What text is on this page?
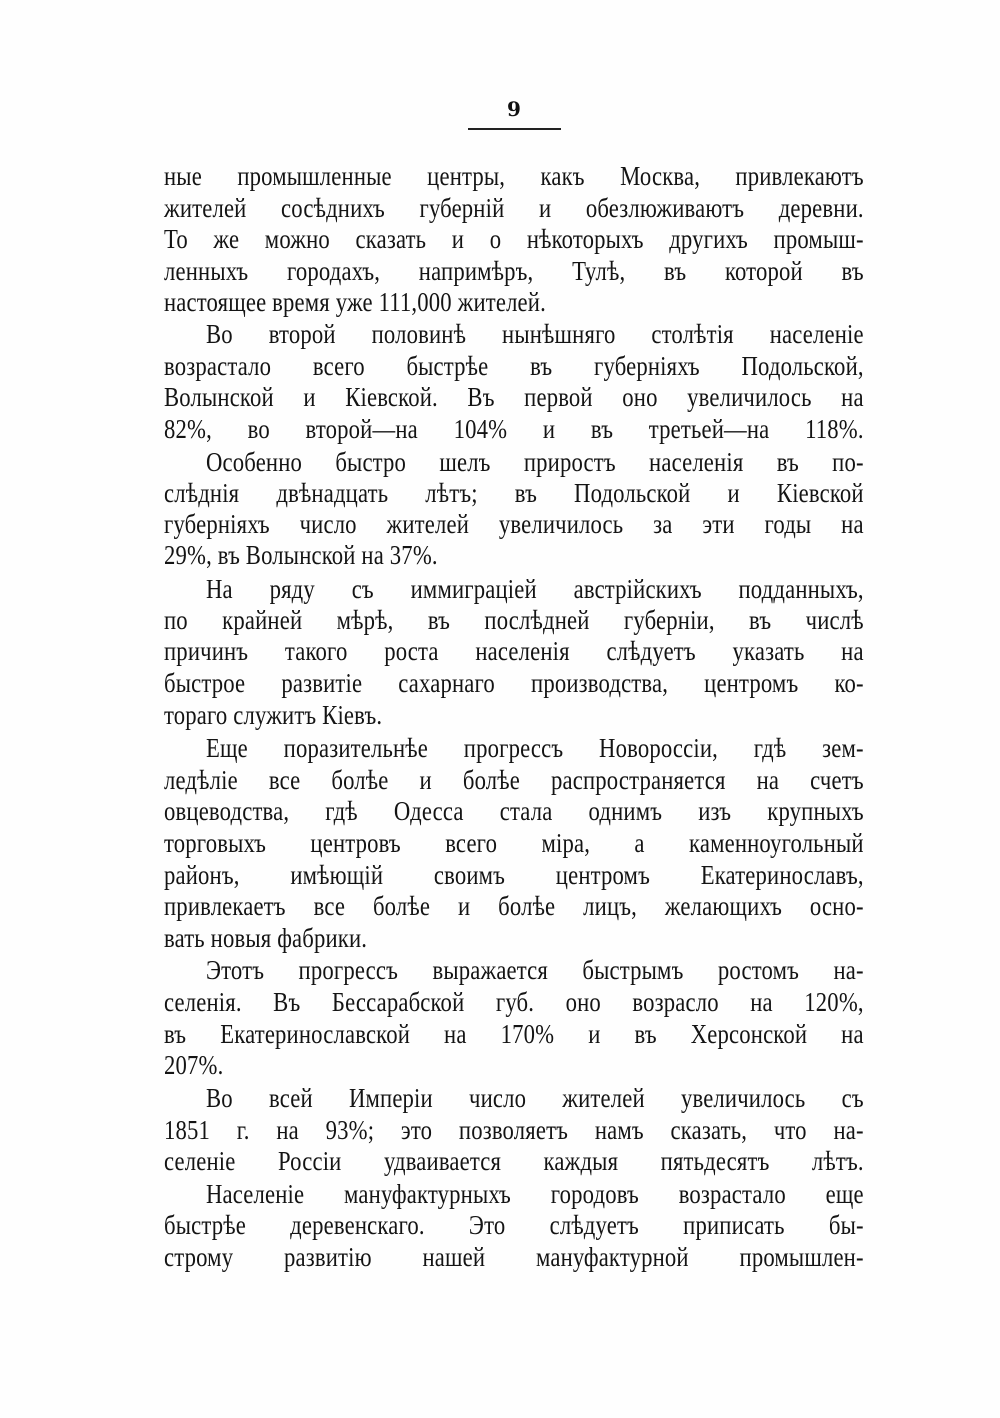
9
ные промышленные центры, какъ Москва, привлекаютъ
жителей сосѣднихъ губерній и обезлюживаютъ деревни.
То же можно сказать и о нѣкоторыхъ другихъ промыш-
ленныхъ городахъ, напримѣръ, Тулѣ, въ которой въ
настоящее время уже 111,000 жителей.
Во второй половинѣ нынѣшняго столѣтія населеніе
возрастало всего быстрѣе въ губерніяхъ Подольской,
Волынской и Кіевской. Въ первой оно увеличилось на
82%, во второй—на 104% и въ третьей—на 118%.
Особенно быстро шелъ приростъ населенія въ по-
слѣднія двѣнадцать лѣтъ; въ Подольской и Кіевской
губерніяхъ число жителей увеличилось за эти годы на
29%, въ Волынской на 37%.
На ряду съ иммиграціей австрійскихъ подданныхъ,
по крайней мѣрѣ, въ послѣдней губерніи, въ числѣ
причинъ такого роста населенія слѣдуетъ указать на
быстрое развитіе сахарнаго производства, центромъ ко-
тораго служитъ Кіевъ.
Еще поразительнѣе прогрессъ Новороссіи, гдѣ зем-
ледѣліе все болѣе и болѣе распространяется на счетъ
овцеводства, гдѣ Одесса стала однимъ изъ крупныхъ
торговыхъ центровъ всего міра, а каменноугольный
районъ, имѣющій своимъ центромъ Екатеринославъ,
привлекаетъ все болѣе и болѣе лицъ, желающихъ осно-
вать новыя фабрики.
Этотъ прогрессъ выражается быстрымъ ростомъ на-
селенія. Въ Бессарабской губ. оно возрасло на 120%,
въ Екатеринославской на 170% и въ Херсонской на
207%.
Во всей Имперіи число жителей увеличилось съ
1851 г. на 93%; это позволяетъ намъ сказать, что на-
селеніе Россіи удваивается каждыя пятьдесятъ лѣтъ.
Населеніе мануфактурныхъ городовъ возрастало еще
быстрѣе деревенскаго. Это слѣдуетъ приписать бы-
строму развитію нашей мануфактурной промышлен-
